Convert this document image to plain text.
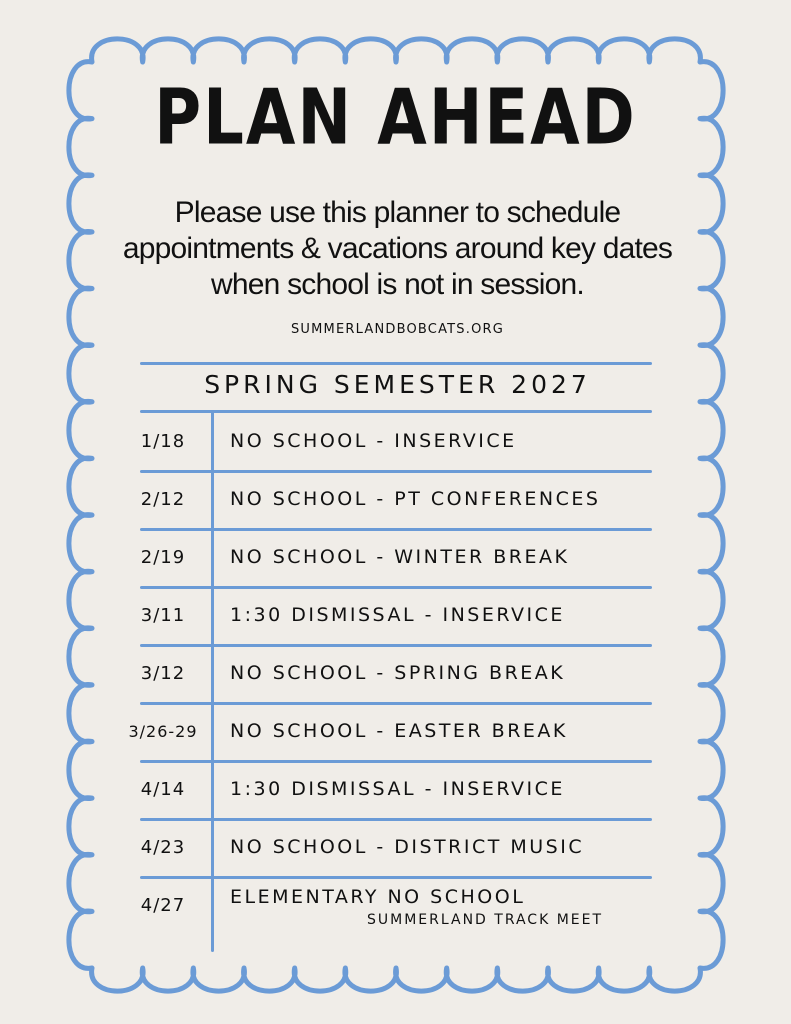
PLAN AHEAD
Please use this planner to schedule appointments & vacations around key dates when school is not in session.
SUMMERLANDBOBCATS.ORG
SPRING SEMESTER 2027
1/18	NO SCHOOL - INSERVICE
2/12	NO SCHOOL - PT CONFERENCES
2/19	NO SCHOOL - WINTER BREAK
3/11	1:30 DISMISSAL - INSERVICE
3/12	NO SCHOOL - SPRING BREAK
3/26-29	NO SCHOOL - EASTER BREAK
4/14	1:30 DISMISSAL - INSERVICE
4/23	NO SCHOOL - DISTRICT MUSIC
4/27	ELEMENTARY NO SCHOOL
SUMMERLAND TRACK MEET
